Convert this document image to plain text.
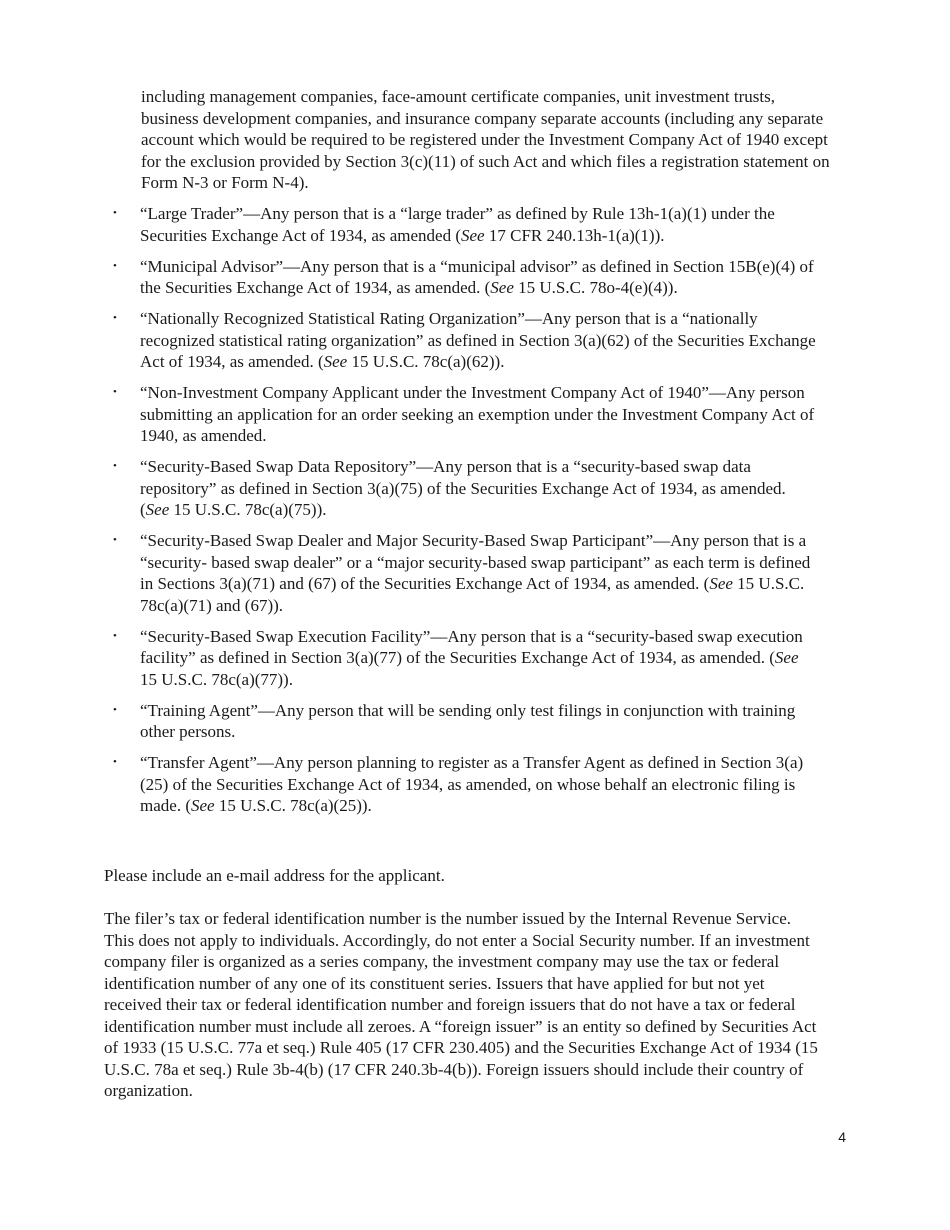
including management companies, face-amount certificate companies, unit investment trusts, business development companies, and insurance company separate accounts (including any separate account which would be required to be registered under the Investment Company Act of 1940 except for the exclusion provided by Section 3(c)(11) of such Act and which files a registration statement on Form N-3 or Form N-4).
• “Large Trader”—Any person that is a “large trader” as defined by Rule 13h-1(a)(1) under the Securities Exchange Act of 1934, as amended (See 17 CFR 240.13h-1(a)(1)).
• “Municipal Advisor”—Any person that is a “municipal advisor” as defined in Section 15B(e)(4) of the Securities Exchange Act of 1934, as amended. (See 15 U.S.C. 78o-4(e)(4)).
• “Nationally Recognized Statistical Rating Organization”—Any person that is a “nationally recognized statistical rating organization” as defined in Section 3(a)(62) of the Securities Exchange Act of 1934, as amended. (See 15 U.S.C. 78c(a)(62)).
• “Non-Investment Company Applicant under the Investment Company Act of 1940”—Any person submitting an application for an order seeking an exemption under the Investment Company Act of 1940, as amended.
• “Security-Based Swap Data Repository”—Any person that is a “security-based swap data repository” as defined in Section 3(a)(75) of the Securities Exchange Act of 1934, as amended. (See 15 U.S.C. 78c(a)(75)).
• “Security-Based Swap Dealer and Major Security-Based Swap Participant”—Any person that is a “security- based swap dealer” or a “major security-based swap participant” as each term is defined in Sections 3(a)(71) and (67) of the Securities Exchange Act of 1934, as amended. (See 15 U.S.C. 78c(a)(71) and (67)).
• “Security-Based Swap Execution Facility”—Any person that is a “security-based swap execution facility” as defined in Section 3(a)(77) of the Securities Exchange Act of 1934, as amended. (See 15 U.S.C. 78c(a)(77)).
• “Training Agent”—Any person that will be sending only test filings in conjunction with training other persons.
• “Transfer Agent”—Any person planning to register as a Transfer Agent as defined in Section 3(a)(25) of the Securities Exchange Act of 1934, as amended, on whose behalf an electronic filing is made. (See 15 U.S.C. 78c(a)(25)).

Please include an e-mail address for the applicant.

The filer’s tax or federal identification number is the number issued by the Internal Revenue Service. This does not apply to individuals. Accordingly, do not enter a Social Security number. If an investment company filer is organized as a series company, the investment company may use the tax or federal identification number of any one of its constituent series. Issuers that have applied for but not yet received their tax or federal identification number and foreign issuers that do not have a tax or federal identification number must include all zeroes. A “foreign issuer” is an entity so defined by Securities Act of 1933 (15 U.S.C. 77a et seq.) Rule 405 (17 CFR 230.405) and the Securities Exchange Act of 1934 (15 U.S.C. 78a et seq.) Rule 3b-4(b) (17 CFR 240.3b-4(b)). Foreign issuers should include their country of organization.

4
